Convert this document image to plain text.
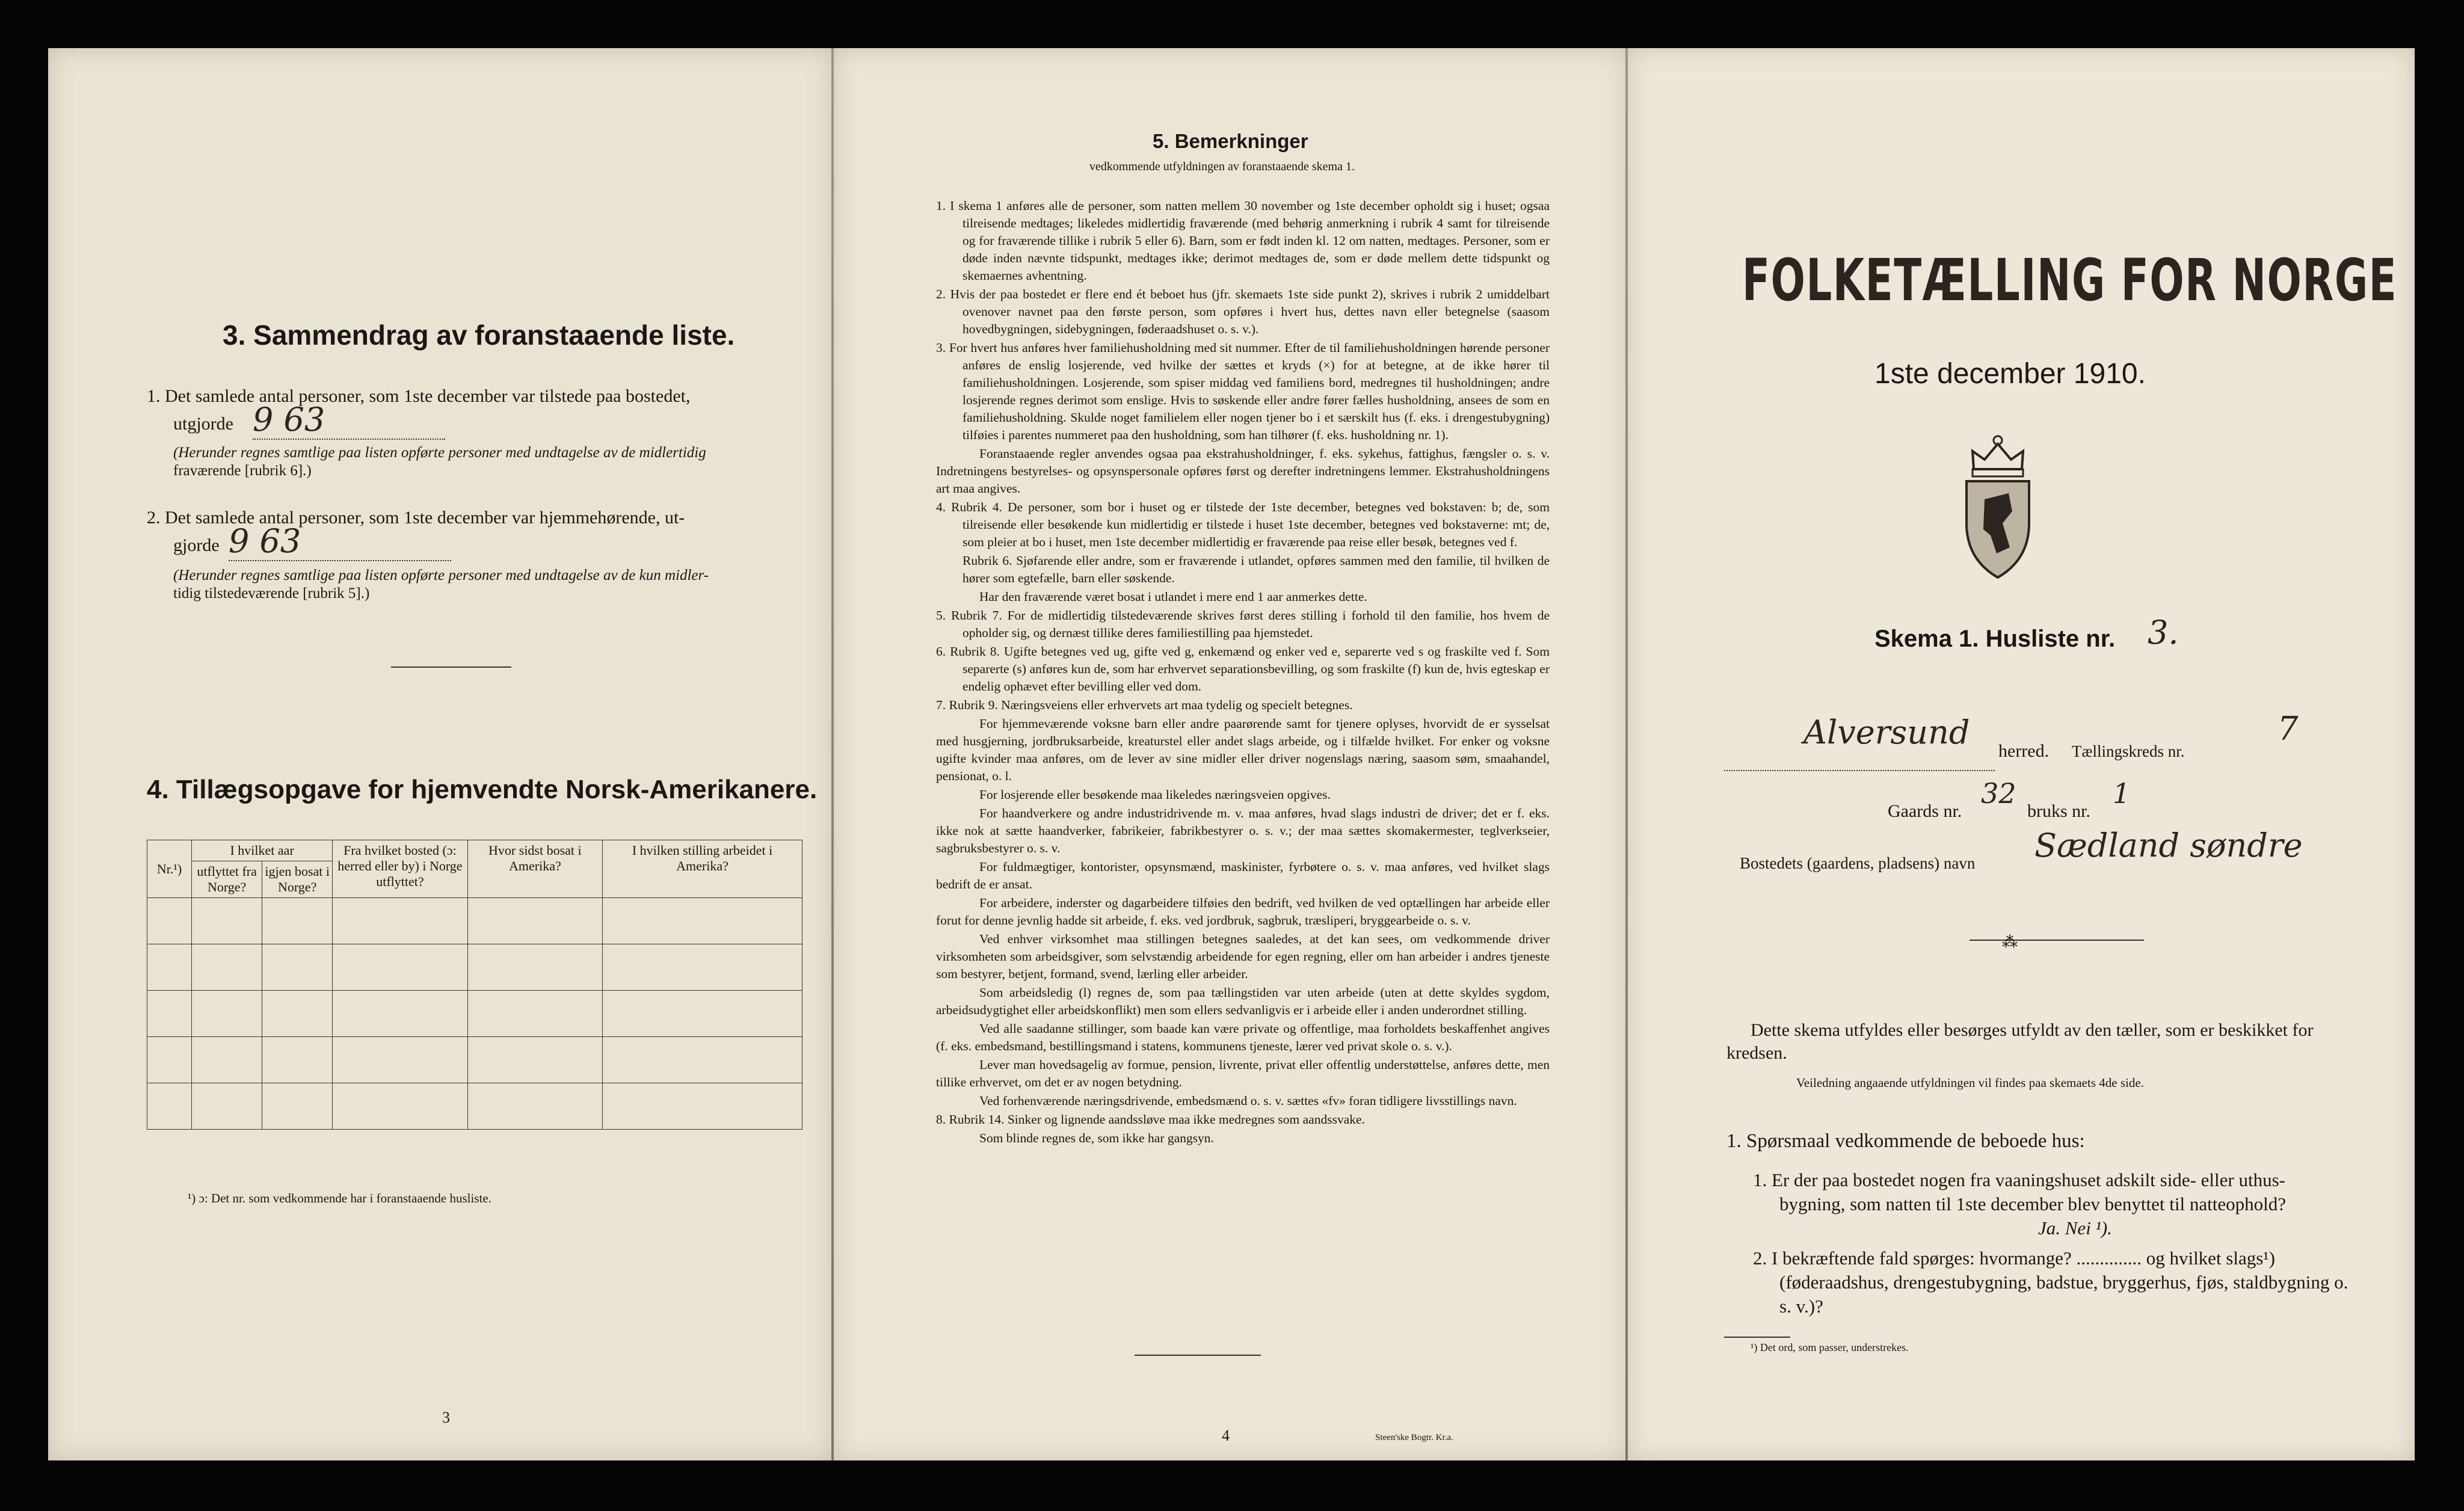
3. Sammendrag av foranstaaende liste.
1. Det samlede antal personer, som 1ste december var tilstede paa bostedet,
utgjorde 9 63
(Herunder regnes samtlige paa listen opførte personer med undtagelse av de midlertidig
fraværende [rubrik 6].)
2. Det samlede antal personer, som 1ste december var hjemmehørende, ut-
gjorde 9 63
(Herunder regnes samtlige paa listen opførte personer med undtagelse av de kun midler-
tidig tilstedeværende [rubrik 5].)
4. Tillægsopgave for hjemvendte Norsk-Amerikanere.
Nr.¹)	I hvilket aar		Fra hvilket bosted (ɔ: herred eller by) i Norge utflyttet?	Hvor sidst bosat i Amerika?	I hvilken stilling arbeidet i Amerika?
	utflyttet fra Norge?	igjen bosat i Norge?			

¹) ɔ: Det nr. som vedkommende har i foranstaaende husliste.
3
5. Bemerkninger
vedkommende utfyldningen av foranstaaende skema 1.

1. I skema 1 anføres alle de personer, som natten mellem 30 november og 1ste december opholdt sig i huset; ogsaa tilreisende medtages; likeledes midlertidig fraværende (med behørig anmerkning i rubrik 4 samt for tilreisende og for fraværende tillike i rubrik 5 eller 6). Barn, som er født inden kl. 12 om natten, medtages. Personer, som er døde inden nævnte tidspunkt, medtages ikke; derimot medtages de, som er døde mellem dette tidspunkt og skemaernes avhentning.

2. Hvis der paa bostedet er flere end ét beboet hus (jfr. skemaets 1ste side punkt 2), skrives i rubrik 2 umiddelbart ovenover navnet paa den første person, som opføres i hvert hus, dettes navn eller betegnelse (saasom hovedbygningen, sidebygningen, føderaadshuset o. s. v.).

3. For hvert hus anføres hver familiehusholdning med sit nummer. Efter de til familiehusholdningen hørende personer anføres de enslig losjerende, ved hvilke der sættes et kryds (×) for at betegne, at de ikke hører til familiehusholdningen. Losjerende, som spiser middag ved familiens bord, medregnes til husholdningen; andre losjerende regnes derimot som enslige. Hvis to søskende eller andre fører fælles husholdning, ansees de som en familiehusholdning. Skulde noget familielem eller nogen tjener bo i et særskilt hus (f. eks. i drengestubygning) tilføies i parentes nummeret paa den husholdning, som han tilhører (f. eks. husholdning nr. 1).

Foranstaaende regler anvendes ogsaa paa ekstrahusholdninger, f. eks. sykehus, fattighus, fængsler o. s. v. Indretningens bestyrelses- og opsynspersonale opføres først og derefter indretningens lemmer. Ekstrahusholdningens art maa angives.

4. Rubrik 4. De personer, som bor i huset og er tilstede der 1ste december, betegnes ved bokstaven: b; de, som tilreisende eller besøkende kun midlertidig er tilstede i huset 1ste december, betegnes ved bokstaverne: mt; de, som pleier at bo i huset, men 1ste december midlertidig er fraværende paa reise eller besøk, betegnes ved f.

Rubrik 6. Sjøfarende eller andre, som er fraværende i utlandet, opføres sammen med den familie, til hvilken de hører som egtefælle, barn eller søskende.

Har den fraværende været bosat i utlandet i mere end 1 aar anmerkes dette.

5. Rubrik 7. For de midlertidig tilstedeværende skrives først deres stilling i forhold til den familie, hos hvem de opholder sig, og dernæst tillike deres familiestilling paa hjemstedet.

6. Rubrik 8. Ugifte betegnes ved ug, gifte ved g, enkemænd og enker ved e, separerte ved s og fraskilte ved f. Som separerte (s) anføres kun de, som har erhvervet separationsbevilling, og som fraskilte (f) kun de, hvis egteskap er endelig ophævet efter bevilling eller ved dom.

7. Rubrik 9. Næringsveiens eller erhvervets art maa tydelig og specielt betegnes.

For hjemmeværende voksne barn eller andre paarørende samt for tjenere oplyses, hvorvidt de er sysselsat med husgjerning, jordbruksarbeide, kreaturstel eller andet slags arbeide, og i tilfælde hvilket. For enker og voksne ugifte kvinder maa anføres, om de lever av sine midler eller driver nogenslags næring, saasom søm, smaahandel, pensionat, o. l.

For losjerende eller besøkende maa likeledes næringsveien opgives.

For haandverkere og andre industridrivende m. v. maa anføres, hvad slags industri de driver; det er f. eks. ikke nok at sætte haandverker, fabrikeier, fabrikbestyrer o. s. v.; der maa sættes skomakermester, teglverkseier, sagbruksbestyrer o. s. v.

For fuldmægtiger, kontorister, opsynsmænd, maskinister, fyrbøtere o. s. v. maa anføres, ved hvilket slags bedrift de er ansat.

For arbeidere, inderster og dagarbeidere tilføies den bedrift, ved hvilken de ved optællingen har arbeide eller forut for denne jevnlig hadde sit arbeide, f. eks. ved jordbruk, sagbruk, træsliperi, bryggearbeide o. s. v.

Ved enhver virksomhet maa stillingen betegnes saaledes, at det kan sees, om vedkommende driver virksomheten som arbeidsgiver, som selvstændig arbeidende for egen regning, eller om han arbeider i andres tjeneste som bestyrer, betjent, formand, svend, lærling eller arbeider.

Som arbeidsledig (l) regnes de, som paa tællingstiden var uten arbeide (uten at dette skyldes sygdom, arbeidsudygtighet eller arbeidskonflikt) men som ellers sedvanligvis er i arbeide eller i anden underordnet stilling.

Ved alle saadanne stillinger, som baade kan være private og offentlige, maa forholdets beskaffenhet angives (f. eks. embedsmand, bestillingsmand i statens, kommunens tjeneste, lærer ved privat skole o. s. v.).

Lever man hovedsagelig av formue, pension, livrente, privat eller offentlig understøttelse, anføres dette, men tillike erhvervet, om det er av nogen betydning.

Ved forhenværende næringsdrivende, embedsmænd o. s. v. sættes «fv» foran tidligere livsstillings navn.

8. Rubrik 14. Sinker og lignende aandssløve maa ikke medregnes som aandssvake.

Som blinde regnes de, som ikke har gangsyn.

4	Steen'ske Bogtr. Kr.a.
FOLKETÆLLING FOR NORGE
1ste december 1910.
Skema 1. Husliste nr. 3.
Alversund herred. Tællingskreds nr.
7
Gaards nr.
32
bruks nr.
1
Bostedets (gaardens, pladsens) navn Sædland søndre
⁂
Dette skema utfyldes eller besørges utfyldt av den tæller, som er beskikket for kredsen.
Veiledning angaaende utfyldningen vil findes paa skemaets 4de side.
1. Spørsmaal vedkommende de beboede hus:
1. Er der paa bostedet nogen fra vaaningshuset adskilt side- eller uthus-bygning, som natten til 1ste december blev benyttet til natteophold?
Ja. Nei ¹).
2. I bekræftende fald spørges: hvormange? .............. og hvilket slags¹) (føderaadshus, drengestubygning, badstue, bryggerhus, fjøs, staldbygning o. s. v.)?
¹) Det ord, som passer, understrekes.
